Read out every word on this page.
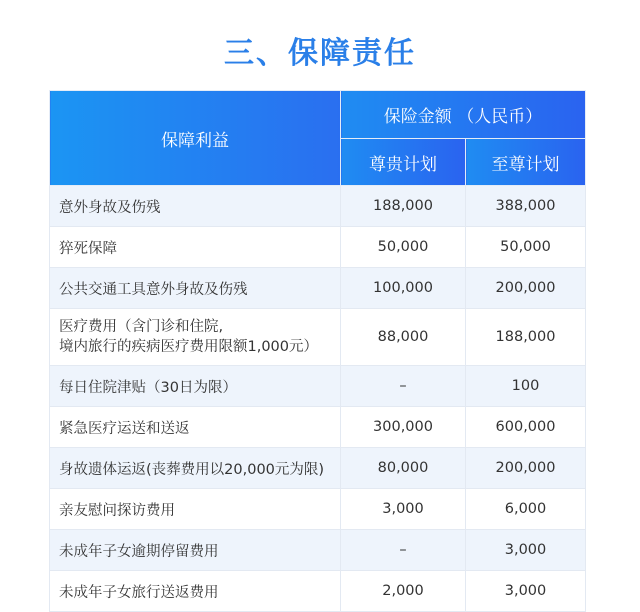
三、保障责任
保障利益	保险金额 （人民币）	
	尊贵计划	至尊计划
意外身故及伤残	188,000	388,000
猝死保障	50,000	50,000
公共交通工具意外身故及伤残	100,000	200,000

医疗费用（含门诊和住院,
境内旅行的疾病医疗费用限额1,000元）	88,000	188,000
每日住院津贴（30日为限）	–	100
紧急医疗运送和送返	300,000	600,000
身故遗体运返(丧葬费用以20,000元为限)	80,000	200,000
亲友慰问探访费用	3,000	6,000
未成年子女逾期停留费用	–	3,000
未成年子女旅行送返费用	2,000	3,000
